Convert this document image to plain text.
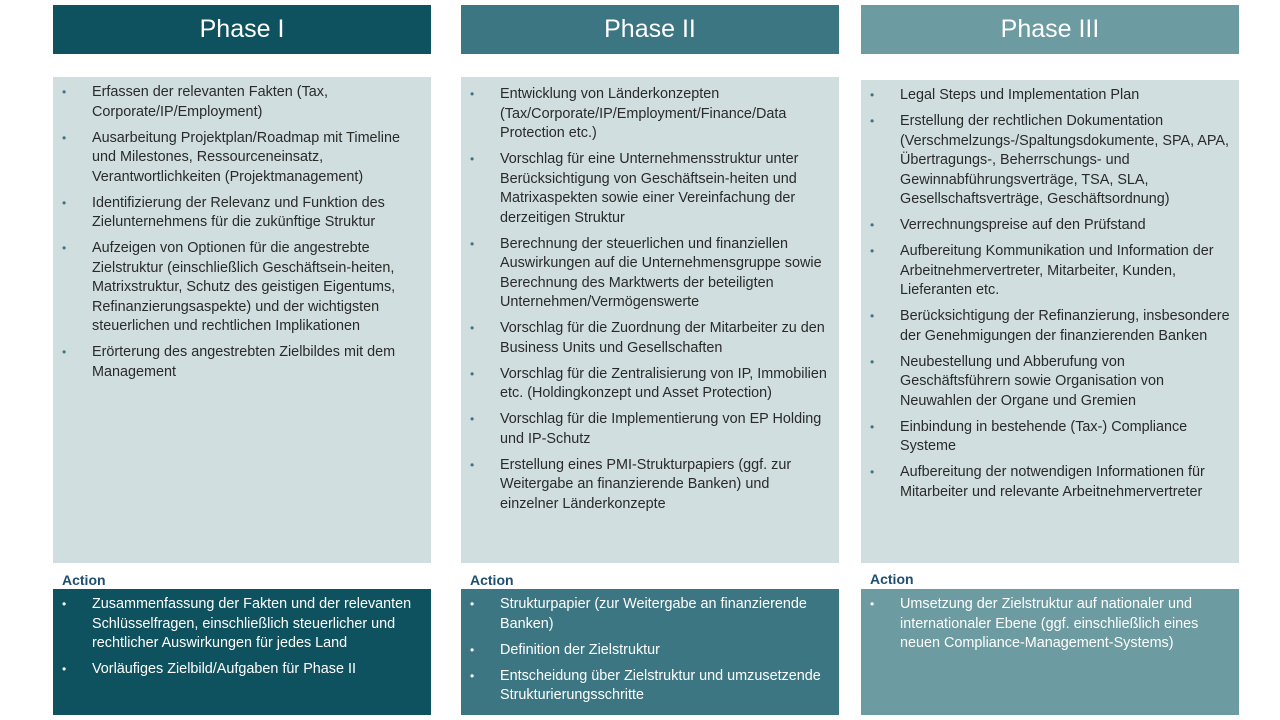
Phase I
• Erfassen der relevanten Fakten (Tax, Corporate/IP/Employment)
• Ausarbeitung Projektplan/Roadmap mit Timeline und Milestones, Ressourceneinsatz, Verantwortlichkeiten (Projektmanagement)
• Identifizierung der Relevanz und Funktion des Zielunternehmens für die zukünftige Struktur
• Aufzeigen von Optionen für die angestrebte Zielstruktur (einschließlich Geschäftsein-heiten, Matrixstruktur, Schutz des geistigen Eigentums, Refinanzierungsaspekte) und der wichtigsten steuerlichen und rechtlichen Implikationen
• Erörterung des angestrebten Zielbildes mit dem Management
Action
• Zusammenfassung der Fakten und der relevanten Schlüsselfragen, einschließlich steuerlicher und rechtlicher Auswirkungen für jedes Land
• Vorläufiges Zielbild/Aufgaben für Phase II
Phase II
• Entwicklung von Länderkonzepten (Tax/Corporate/IP/Employment/Finance/Data Protection etc.)
• Vorschlag für eine Unternehmensstruktur unter Berücksichtigung von Geschäftsein-heiten und Matrixaspekten sowie einer Vereinfachung der derzeitigen Struktur
• Berechnung der steuerlichen und finanziellen Auswirkungen auf die Unternehmensgruppe sowie Berechnung des Marktwerts der beteiligten Unternehmen/Vermögenswerte
• Vorschlag für die Zuordnung der Mitarbeiter zu den Business Units und Gesellschaften
• Vorschlag für die Zentralisierung von IP, Immobilien etc. (Holdingkonzept und Asset Protection)
• Vorschlag für die Implementierung von EP Holding und IP-Schutz
• Erstellung eines PMI-Strukturpapiers (ggf. zur Weitergabe an finanzierende Banken) und einzelner Länderkonzepte
Action
• Strukturpapier (zur Weitergabe an finanzierende Banken)
• Definition der Zielstruktur
• Entscheidung über Zielstruktur und umzusetzende Strukturierungsschritte
Phase III
• Legal Steps und Implementation Plan
• Erstellung der rechtlichen Dokumentation (Verschmelzungs-/Spaltungsdokumente, SPA, APA, Übertragungs-, Beherrschungs- und Gewinnabführungsverträge, TSA, SLA, Gesellschaftsverträge, Geschäftsordnung)
• Verrechnungspreise auf den Prüfstand
• Aufbereitung Kommunikation und Information der Arbeitnehmervertreter, Mitarbeiter, Kunden, Lieferanten etc.
• Berücksichtigung der Refinanzierung, insbesondere der Genehmigungen der finanzierenden Banken
• Neubestellung und Abberufung von Geschäftsführern sowie Organisation von Neuwahlen der Organe und Gremien
• Einbindung in bestehende (Tax-) Compliance Systeme
• Aufbereitung der notwendigen Informationen für Mitarbeiter und relevante Arbeitnehmervertreter
Action
• Umsetzung der Zielstruktur auf nationaler und internationaler Ebene (ggf. einschließlich eines neuen Compliance-Management-Systems)
